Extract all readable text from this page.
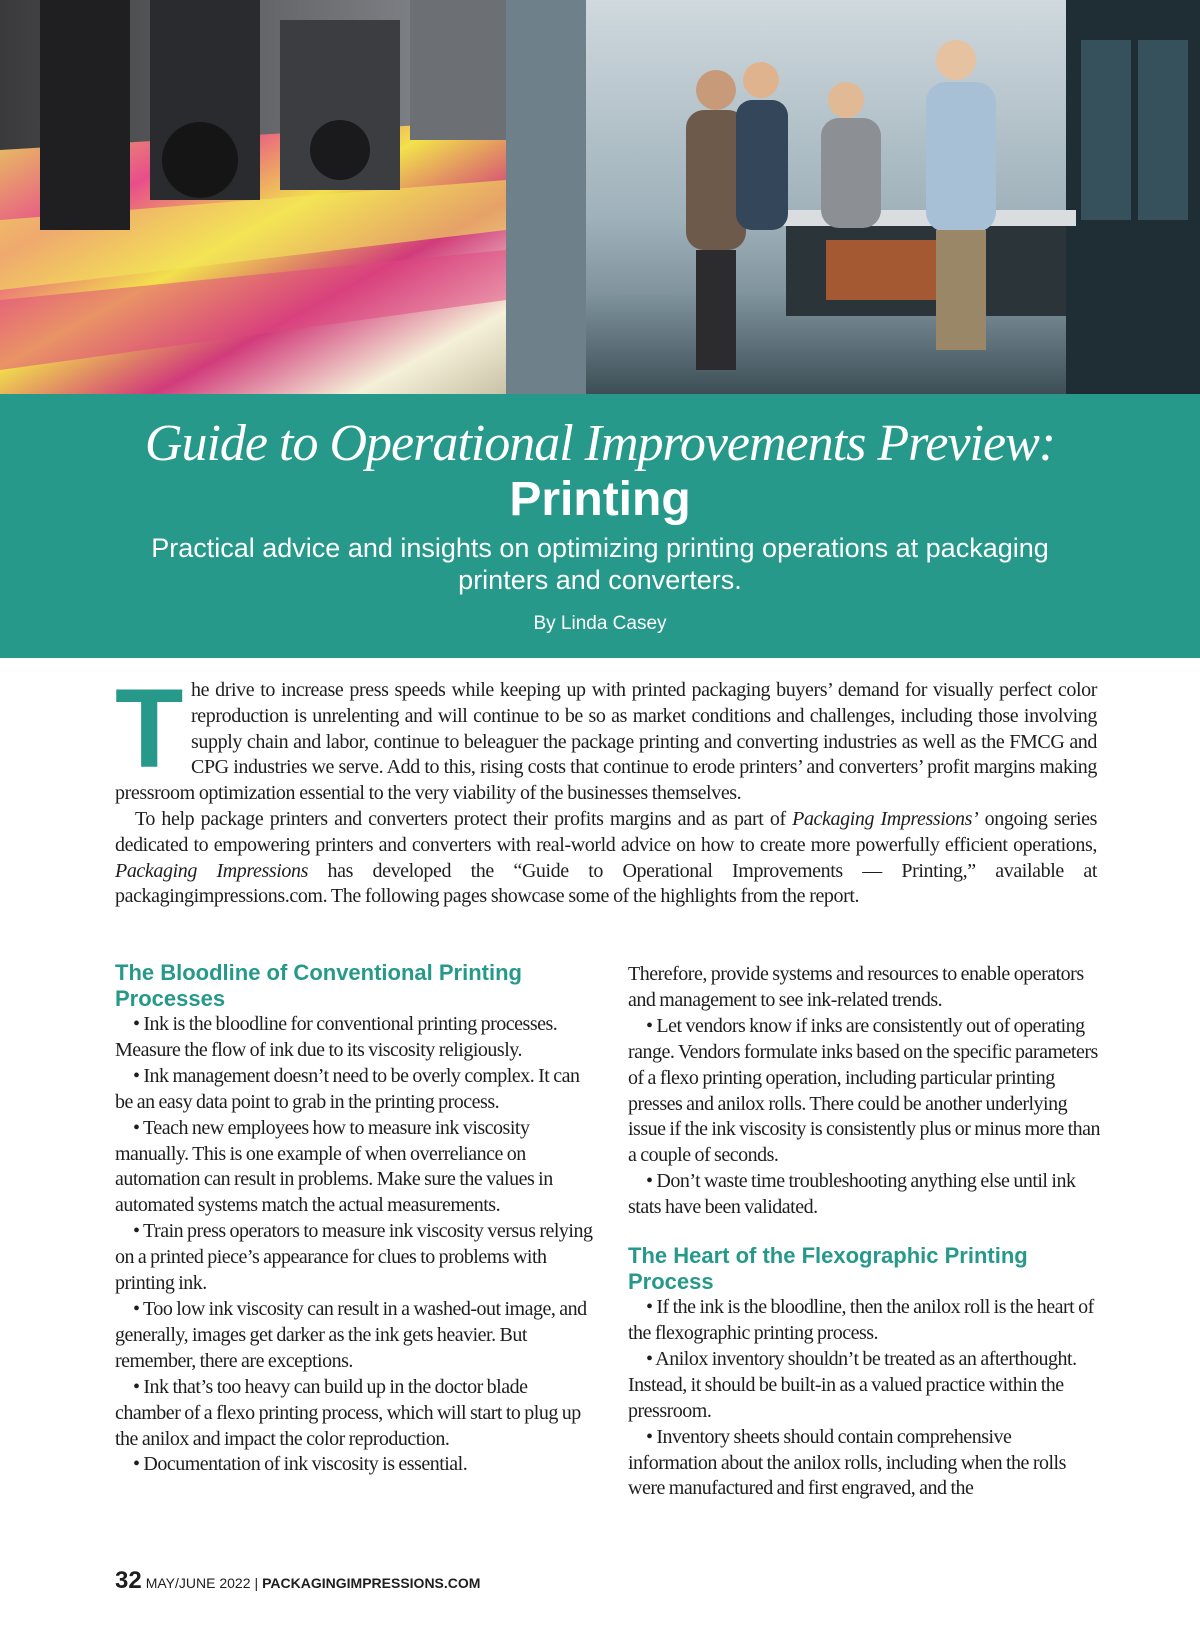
Guide to Operational Improvements Preview:
Printing
Practical advice and insights on optimizing printing operations at packaging printers and converters.
By Linda Casey

The drive to increase press speeds while keeping up with printed packaging buyers’ demand for visually perfect color reproduction is unrelenting and will continue to be so as market conditions and challenges, including those involving supply chain and labor, continue to beleaguer the package printing and converting industries as well as the FMCG and CPG industries we serve. Add to this, rising costs that continue to erode printers’ and converters’ profit margins making pressroom optimization essential to the very viability of the businesses themselves.

To help package printers and converters protect their profits margins and as part of Packaging Impressions’ ongoing series dedicated to empowering printers and converters with real-world advice on how to create more powerfully efficient operations, Packaging Impressions has developed the “Guide to Operational Improvements — Printing,” available at packagingimpressions.com. The following pages showcase some of the highlights from the report.

The Bloodline of Conventional Printing Processes

• Ink is the bloodline for conventional printing processes. Measure the flow of ink due to its viscosity religiously.

• Ink management doesn’t need to be overly complex. It can be an easy data point to grab in the printing process.

• Teach new employees how to measure ink viscosity manually. This is one example of when overreliance on automation can result in problems. Make sure the values in automated systems match the actual measurements.

• Train press operators to measure ink viscosity versus relying on a printed piece’s appearance for clues to problems with printing ink.

• Too low ink viscosity can result in a washed-out image, and generally, images get darker as the ink gets heavier. But remember, there are exceptions.

• Ink that’s too heavy can build up in the doctor blade chamber of a flexo printing process, which will start to plug up the anilox and impact the color reproduction.

• Documentation of ink viscosity is essential.

Therefore, provide systems and resources to enable operators and management to see ink-related trends.

• Let vendors know if inks are consistently out of operating range. Vendors formulate inks based on the specific parameters of a flexo printing operation, including particular printing presses and anilox rolls. There could be another underlying issue if the ink viscosity is consistently plus or minus more than a couple of seconds.

• Don’t waste time troubleshooting anything else until ink stats have been validated.

The Heart of the Flexographic Printing Process

• If the ink is the bloodline, then the anilox roll is the heart of the flexographic printing process.

• Anilox inventory shouldn’t be treated as an afterthought. Instead, it should be built-in as a valued practice within the pressroom.

• Inventory sheets should contain comprehensive information about the anilox rolls, including when the rolls were manufactured and first engraved, and the

32 MAY/JUNE 2022 | PACKAGINGIMPRESSIONS.COM
